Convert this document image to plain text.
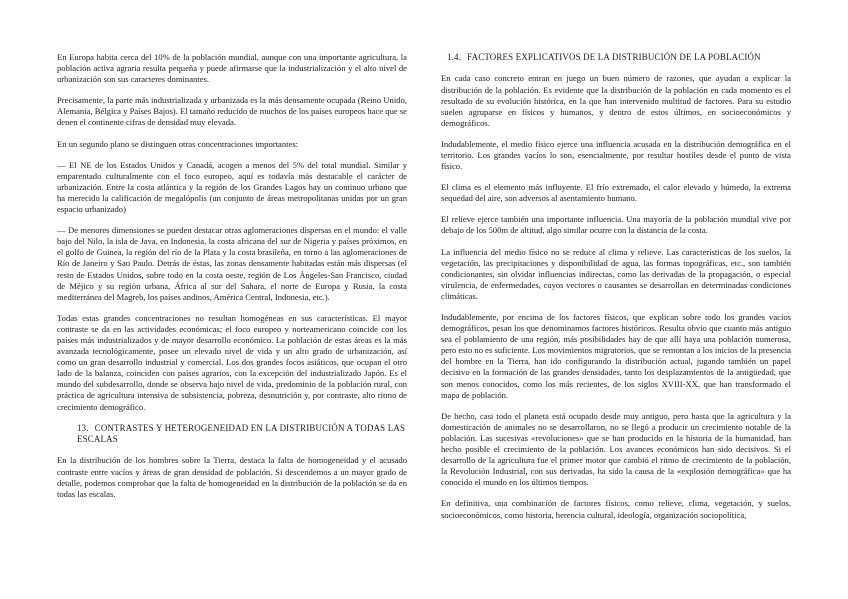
En Europa habita cerca del 10% de la población mundial, aunque con una importante agricultura, la población activa agraria resulta pequeña y puede afirmarse que la industrialización y el alto nivel de urbanización son sus caracteres dominantes.

Precisamente, la parte más industrializada y urbanizada es la más densamente ocupada (Reino Unido, Alemania, Bélgica y Países Bajos). El tamaño reducido de muchos de los países europeos hace que se denen el continente cifras de densidad muy elevada.

En un segundo plano se distinguen otras concentraciones importantes:

— El NE de los Estados Unidos y Canadá, acogen a menos del 5% del total mundial. Similar y emparentado culturalmente con el foco europeo, aquí es todavía más destacable el carácter de urbanización. Entre la costa atlántica y la región de los Grandes Lagos hay un continuo urbano que ha merecido la calificación de megalópolis (un conjunto de áreas metropolitanas unidas por un gran espacio urbanizado)

— De menores dimensiones se pueden destacar otras aglomeraciones dispersas en el mundo: el valle bajo del Nilo, la isla de Java, en Indonesia, la costa africana del sur de Nigeria y países próximos, en el golfo de Guinea, la región del río de la Plata y la costa brasileña, en torno a las aglomeraciones de Río de Janeiro y Sao Paulo. Detrás de éstas, las zonas densamente habitadas están más dispersas (el resto de Estados Unidos, sobre todo en la costa oeste, región de Los Ángeles-San Francisco, ciudad de Méjico y su región urbana, África al sur del Sahara, el norte de Europa y Rusia, la costa mediterránea del Magreb, los países andinos, América Central, Indonesia, etc.).

Todas estas grandes concentraciones no resultan homogéneas en sus características. El mayor contraste se da en las actividades económicas; el foco europeo y norteamericano coincide con los países más industrializados y de mayor desarrollo económico. La población de estas áreas es la más avanzada tecnológicamente, posee un elevado nivel de vida y un alto grado de urbanización, así como un gran desarrollo industrial y comercial. Los dos grandes focos asiáticos, que ocupan el otro lado de la balanza, coinciden con países agrarios, con la excepción del industrializado Japón. Es el mundo del subdesarrollo, donde se observa bajo nivel de vida, predominio de la población rural, con práctica de agricultura intensiva de subsistencia, pobreza, desnutrición y, por contraste, alto ritmo de crecimiento demográfico.

13. CONTRASTES Y HETEROGENEIDAD EN LA DISTRIBUCIÓN A TODAS LAS
ESCALAS

En la distribución de los hombres sobre la Tierra, destaca la falta de homogeneidad y el acusado contraste entre vacíos y áreas de gran densidad de población. Si descendemos a un mayor grado de detalle, podemos comprobar que la falta de homogeneidad en la distribución de la población se da en todas las escalas.

1.4. FACTORES EXPLICATIVOS DE LA DISTRIBUCIÓN DE LA POBLACIÓN

En cada caso concreto entran en juego un buen número de razones, que ayudan a explicar la distribución de la población. Es evidente que la distribución de la población en cada momento es el resultado de su evolución histórica, en la que han intervenido multitud de factores. Para su estudio suelen agruparse en físicos y humanos, y dentro de estos últimos, en socioeconómicos y demográficos.

Indudablemente, el medio físico ejerce una influencia acusada en la distribución demográfica en el territorio. Los grandes vacíos lo son, esencialmente, por resultar hostiles desde el punto de vista físico.

El clima es el elemento más influyente. El frío extremado, el calor elevado y húmedo, la extrema sequedad del aire, son adversos al asentamiento humano.

El relieve ejerce también una importante influencia. Una mayoría de la población mundial vive por debajo de los 500m de altitud, algo similar ocurre con la distancia de la costa.

La influencia del medio físico no se reduce al clima y relieve. Las características de los suelos, la vegetación, las precipitaciones y disponibilidad de agua, las formas topográficas, etc., son también condicionantes, sin olvidar influencias indirectas, como las derivadas de la propagación, o especial virulencia, de enfermedades, cuyos vectores o causantes se desarrollan en determinadas condiciones climáticas.

Indudablemente, por encima de los factores físicos, que explican sobre todo los grandes vacíos demográficos, pesan los que denominamos factores históricos. Resulta obvio que cuanto más antiguo sea el poblamiento de una región, más posibilidades hay de que allí haya una población numerosa, pero esto no es suficiente. Los movimientos migratorios, que se remontan a los inicios de la presencia del hombre en la Tierra, han ido configurando la distribución actual, jugando también un papel decisivo en la formación de las grandes densidades, tanto los desplazamientos de la antigüedad, que son menos conocidos, como los más recientes, de los siglos XVIII-XX, que han transformado el mapa de población.

De hecho, casi todo el planeta está ocupado desde muy antiguo, pero hasta que la agricultura y la domesticación de animales no se desarrollaron, no se llegó a producir un crecimiento notable de la población. Las sucesivas «revoluciones» que se han producido en la historia de la humanidad, han hecho posible el crecimiento de la población. Los avances económicos han sido decisivos. Si el desarrollo de la agricultura fue el primer motor que cambió el ritmo de crecimiento de la población, la Revolución Industrial, con sus derivadas, ha sido la causa de la «explosión demográfica» que ha conocido el mundo en los últimos tiempos.

En definitiva, una combinación de factores físicos, como relieve, clima, vegetación, y suelos, socioeconómicos, como historia, herencia cultural, ideología, organización sociopolítica,
